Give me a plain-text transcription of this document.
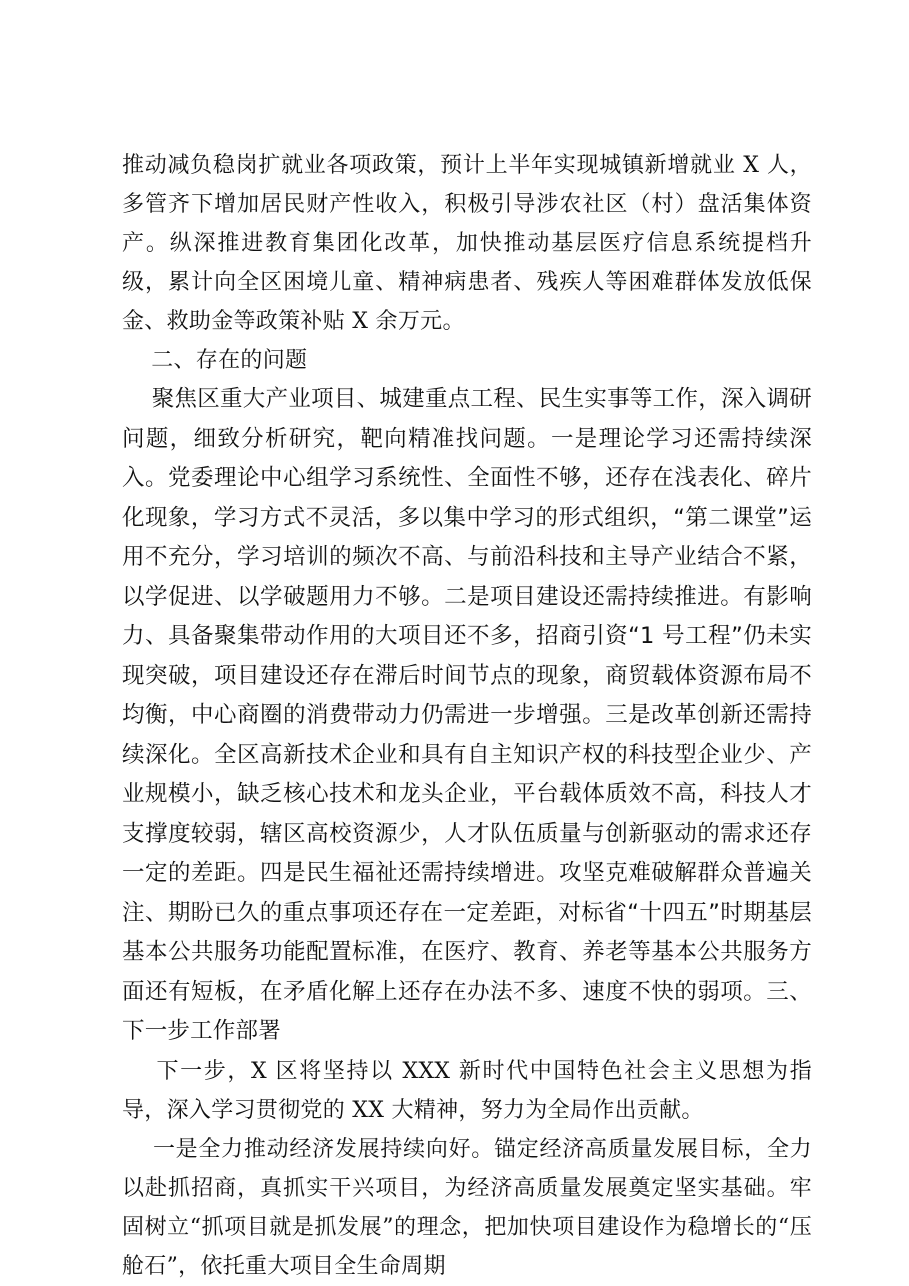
推动减负稳岗扩就业各项政策，预计上半年实现城镇新增就业 X 人，多管齐下增加居民财产性收入，积极引导涉农社区（村）盘活集体资产。纵深推进教育集团化改革，加快推动基层医疗信息系统提档升级，累计向全区困境儿童、精神病患者、残疾人等困难群体发放低保金、救助金等政策补贴 X 余万元。

二、存在的问题

聚焦区重大产业项目、城建重点工程、民生实事等工作，深入调研问题，细致分析研究，靶向精准找问题。一是理论学习还需持续深入。党委理论中心组学习系统性、全面性不够，还存在浅表化、碎片化现象，学习方式不灵活，多以集中学习的形式组织，“第二课堂”运用不充分，学习培训的频次不高、与前沿科技和主导产业结合不紧，以学促进、以学破题用力不够。二是项目建设还需持续推进。有影响力、具备聚集带动作用的大项目还不多，招商引资“1 号工程”仍未实现突破，项目建设还存在滞后时间节点的现象，商贸载体资源布局不均衡，中心商圈的消费带动力仍需进一步增强。三是改革创新还需持续深化。全区高新技术企业和具有自主知识产权的科技型企业少、产业规模小，缺乏核心技术和龙头企业，平台载体质效不高，科技人才支撑度较弱，辖区高校资源少，人才队伍质量与创新驱动的需求还存一定的差距。四是民生福祉还需持续增进。攻坚克难破解群众普遍关注、期盼已久的重点事项还存在一定差距，对标省“十四五”时期基层基本公共服务功能配置标准，在医疗、教育、养老等基本公共服务方面还有短板，在矛盾化解上还存在办法不多、速度不快的弱项。三、下一步工作部署

下一步，X 区将坚持以 XXX 新时代中国特色社会主义思想为指导，深入学习贯彻党的 XX 大精神，努力为全局作出贡献。

一是全力推动经济发展持续向好。锚定经济高质量发展目标，全力以赴抓招商，真抓实干兴项目，为经济高质量发展奠定坚实基础。牢固树立“抓项目就是抓发展”的理念，把加快项目建设作为稳增长的“压舱石”，依托重大项目全生命周期
